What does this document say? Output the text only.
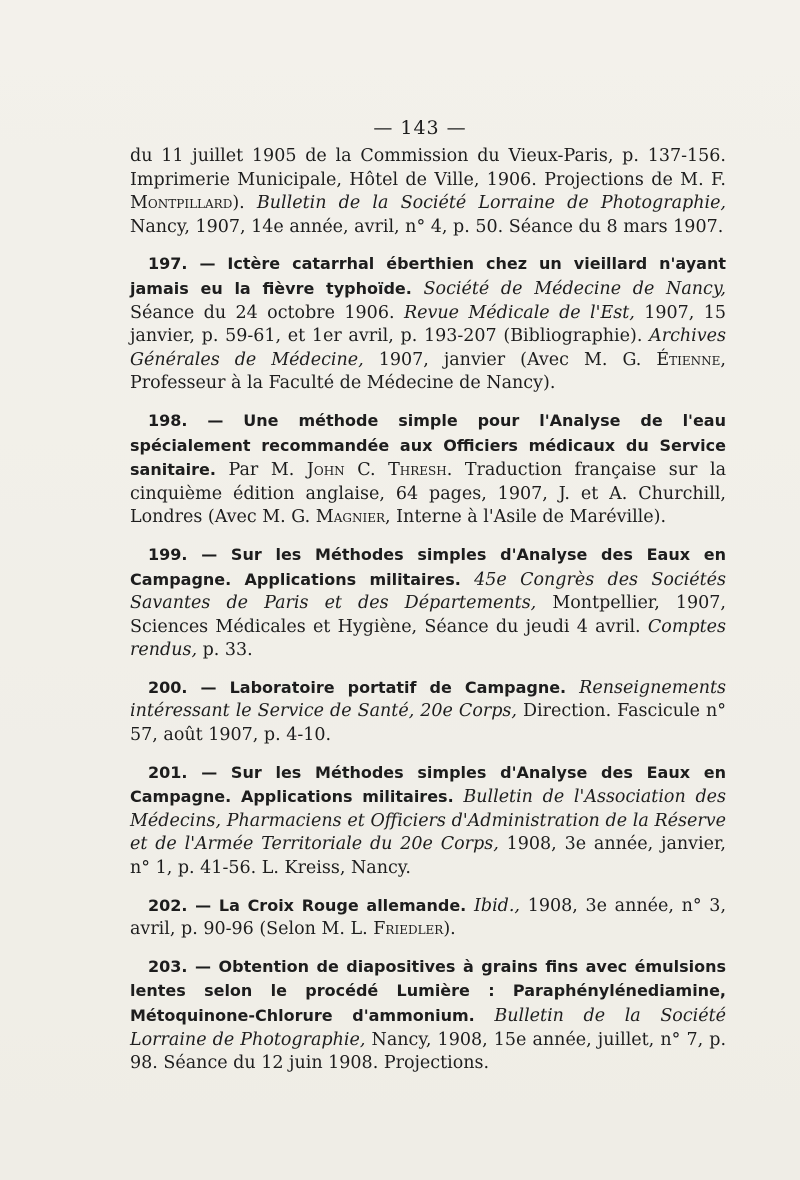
— 143 —

du 11 juillet 1905 de la Commission du Vieux-Paris, p. 137-156. Imprimerie Municipale, Hôtel de Ville, 1906. Projections de M. F. Montpillard). Bulletin de la Société Lorraine de Photographie, Nancy, 1907, 14e année, avril, n° 4, p. 50. Séance du 8 mars 1907.

197. — Ictère catarrhal éberthien chez un vieillard n'ayant jamais eu la fièvre typhoïde. Société de Médecine de Nancy, Séance du 24 octobre 1906. Revue Médicale de l'Est, 1907, 15 janvier, p. 59-61, et 1er avril, p. 193-207 (Bibliographie). Archives Générales de Médecine, 1907, janvier (Avec M. G. Étienne, Professeur à la Faculté de Médecine de Nancy).

198. — Une méthode simple pour l'Analyse de l'eau spécialement recommandée aux Officiers médicaux du Service sanitaire. Par M. John C. Thresh. Traduction française sur la cinquième édition anglaise, 64 pages, 1907, J. et A. Churchill, Londres (Avec M. G. Magnier, Interne à l'Asile de Maréville).

199. — Sur les Méthodes simples d'Analyse des Eaux en Campagne. Applications militaires. 45e Congrès des Sociétés Savantes de Paris et des Départements, Montpellier, 1907, Sciences Médicales et Hygiène, Séance du jeudi 4 avril. Comptes rendus, p. 33.

200. — Laboratoire portatif de Campagne. Renseignements intéressant le Service de Santé, 20e Corps, Direction. Fascicule n° 57, août 1907, p. 4-10.

201. — Sur les Méthodes simples d'Analyse des Eaux en Campagne. Applications militaires. Bulletin de l'Association des Médecins, Pharmaciens et Officiers d'Administration de la Réserve et de l'Armée Territoriale du 20e Corps, 1908, 3e année, janvier, n° 1, p. 41-56. L. Kreiss, Nancy.

202. — La Croix Rouge allemande. Ibid., 1908, 3e année, n° 3, avril, p. 90-96 (Selon M. L. Friedler).

203. — Obtention de diapositives à grains fins avec émulsions lentes selon le procédé Lumière : Paraphénylénediamine, Métoquinone-Chlorure d'ammonium. Bulletin de la Société Lorraine de Photographie, Nancy, 1908, 15e année, juillet, n° 7, p. 98. Séance du 12 juin 1908. Projections.
